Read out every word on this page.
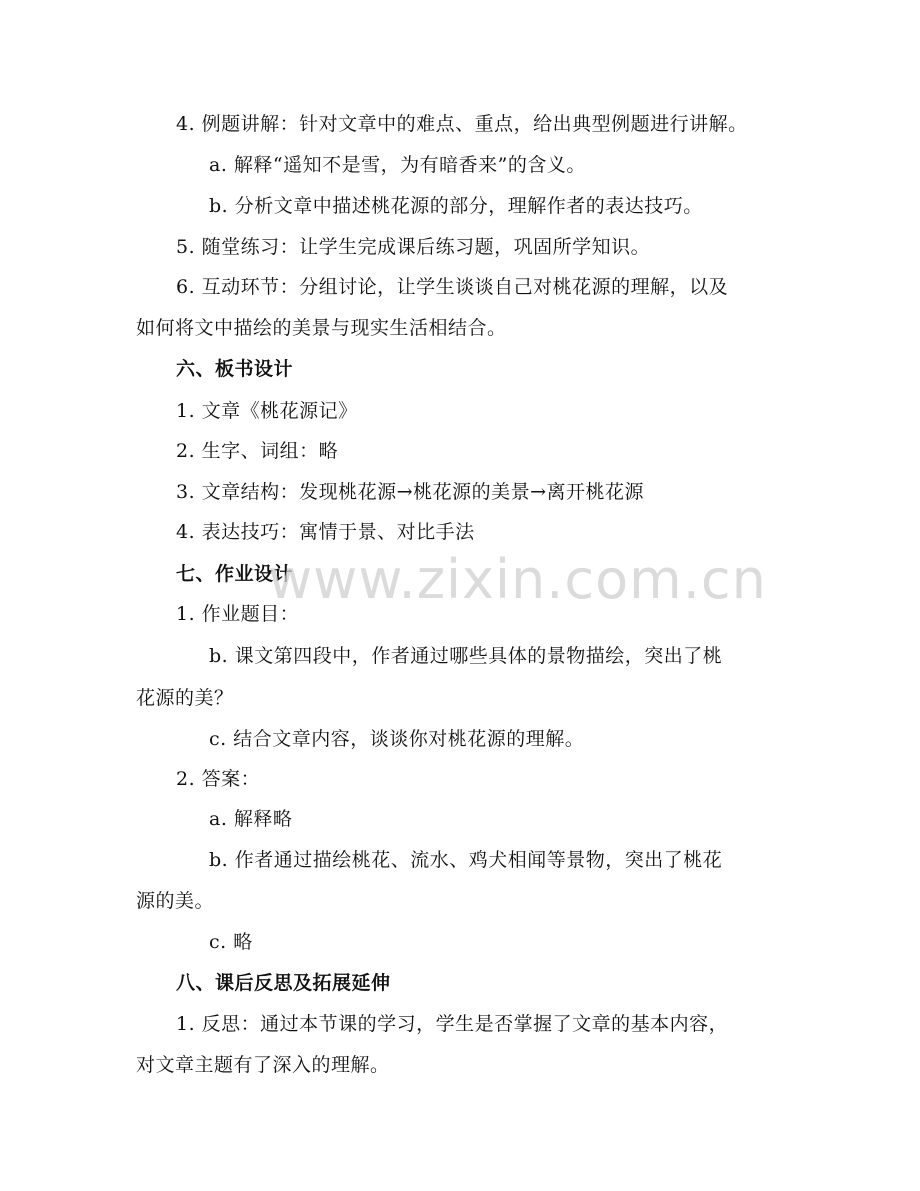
4. 例题讲解：针对文章中的难点、重点，给出典型例题进行讲解。
a. 解释“遥知不是雪，为有暗香来”的含义。
b. 分析文章中描述桃花源的部分，理解作者的表达技巧。
5. 随堂练习：让学生完成课后练习题，巩固所学知识。
6. 互动环节：分组讨论，让学生谈谈自己对桃花源的理解，以及
如何将文中描绘的美景与现实生活相结合。
六、板书设计
1. 文章《桃花源记》
2. 生字、词组：略
3. 文章结构：发现桃花源→桃花源的美景→离开桃花源
4. 表达技巧：寓情于景、对比手法
七、作业设计
1. 作业题目：
b. 课文第四段中，作者通过哪些具体的景物描绘，突出了桃
花源的美？
c. 结合文章内容，谈谈你对桃花源的理解。
2. 答案：
a. 解释略
b. 作者通过描绘桃花、流水、鸡犬相闻等景物，突出了桃花
源的美。
c. 略
八、课后反思及拓展延伸
1. 反思：通过本节课的学习，学生是否掌握了文章的基本内容，
对文章主题有了深入的理解。
www.zixin.com.cn
